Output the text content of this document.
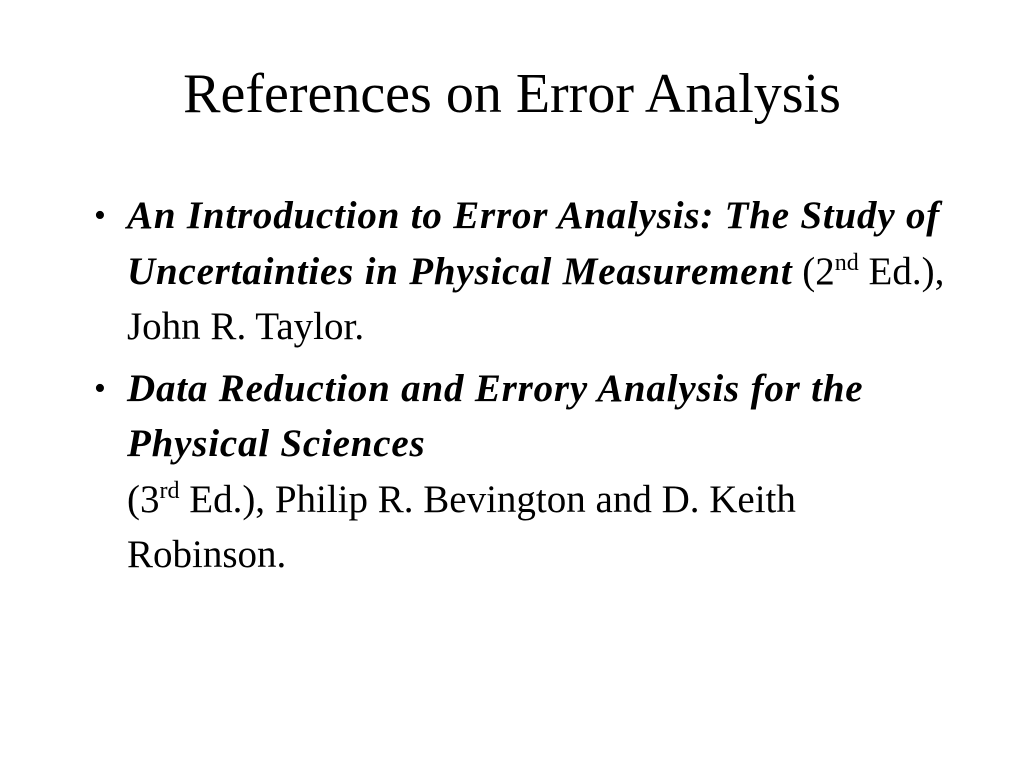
References on Error Analysis
• An Introduction to Error Analysis: The Study of Uncertainties in Physical Measurement (2nd Ed.),
John R. Taylor.
• Data Reduction and Errory Analysis for the Physical Sciences
(3rd Ed.), Philip R. Bevington and D. Keith Robinson.
